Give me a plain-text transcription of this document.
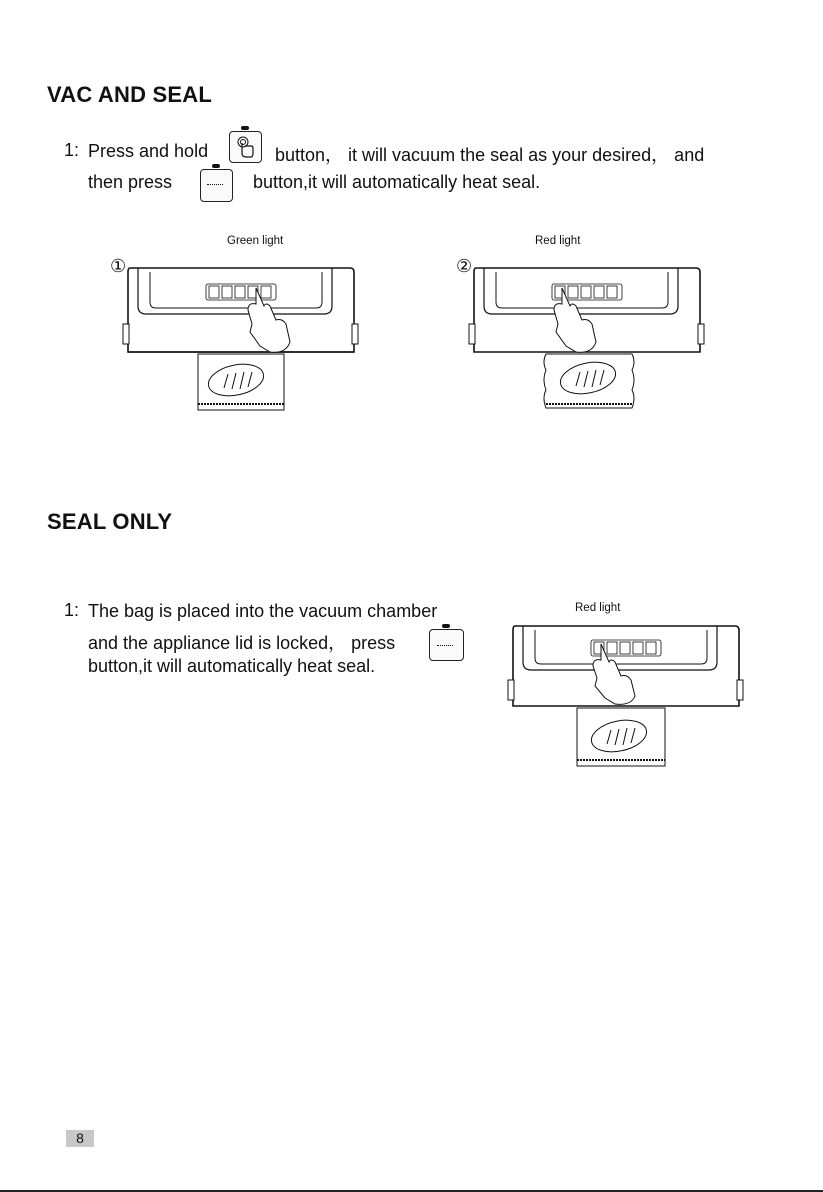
VAC AND SEAL
1: Press and hold	button， it will vacuum the seal as your desired， and
then press	button,it will automatically heat seal.
Green light
①
Red light
②
SEAL ONLY
1: The bag is placed into the vacuum chamber
and the appliance lid is locked， press
button,it will automatically heat seal.
Red light
8
